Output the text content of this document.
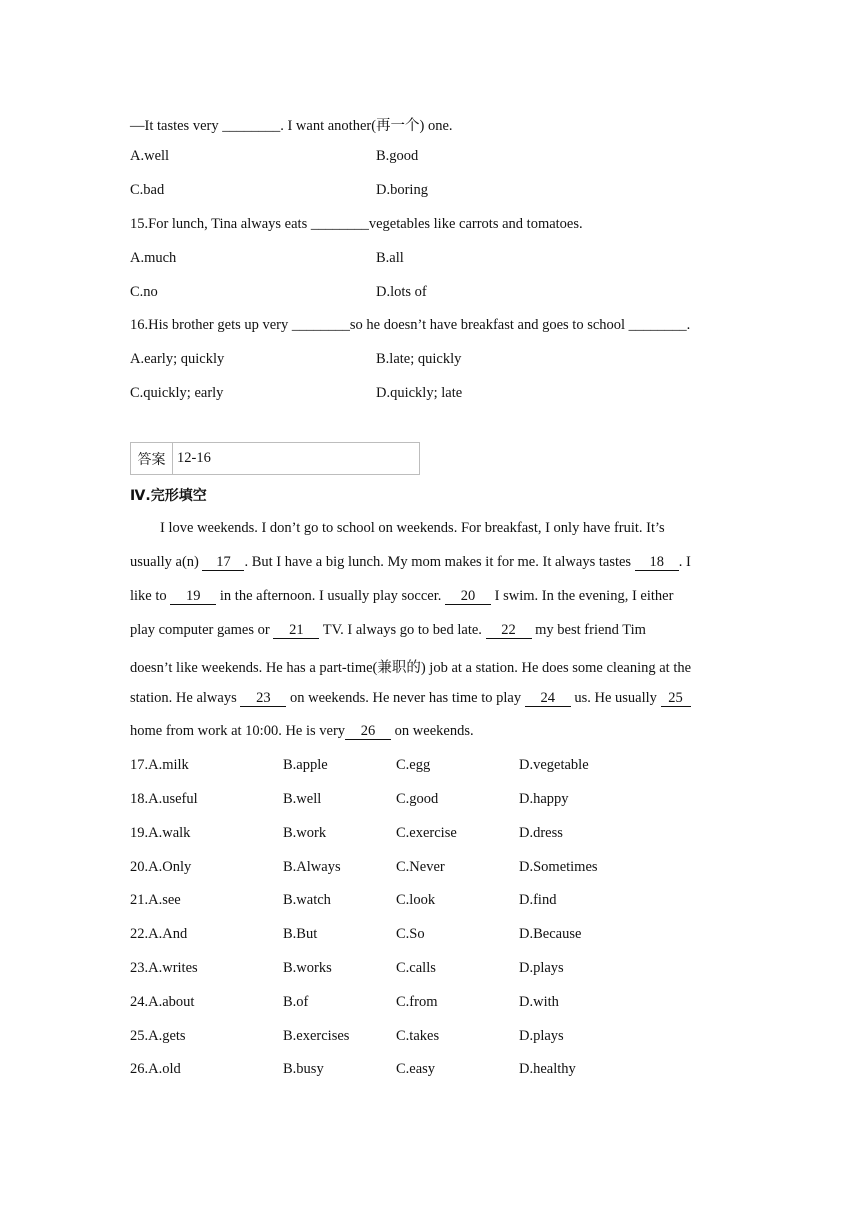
—It tastes very ________. I want another(再一个) one.
A.well	B.good
C.bad	D.boring
15.For lunch, Tina always eats ________vegetables like carrots and tomatoes.
A.much	B.all
C.no	D.lots of
16.His brother gets up very ________so he doesn’t have breakfast and goes to school ________.
A.early; quickly	B.late; quickly
C.quickly; early	D.quickly; late
答案 12-16
Ⅳ.完形填空
I love weekends. I don’t go to school on weekends. For breakfast, I only have fruit. It’s
usually a(n) 17 . But I have a big lunch. My mom makes it for me. It always tastes 18 . I
like to 19 in the afternoon. I usually play soccer. 20 I swim. In the evening, I either
play computer games or 21 TV. I always go to bed late. 22 my best friend Tim
doesn’t like weekends. He has a part-time(兼职的) job at a station. He does some cleaning at the
station. He always 23 on weekends. He never has time to play 24 us. He usually 25
home from work at 10:00. He is very 26 on weekends.
17.A.milk	B.apple	C.egg	D.vegetable
18.A.useful	B.well	C.good	D.happy
19.A.walk	B.work	C.exercise	D.dress
20.A.Only	B.Always	C.Never	D.Sometimes
21.A.see	B.watch	C.look	D.find
22.A.And	B.But	C.So	D.Because
23.A.writes	B.works	C.calls	D.plays
24.A.about	B.of	C.from	D.with
25.A.gets	B.exercises	C.takes	D.plays
26.A.old	B.busy	C.easy	D.healthy
